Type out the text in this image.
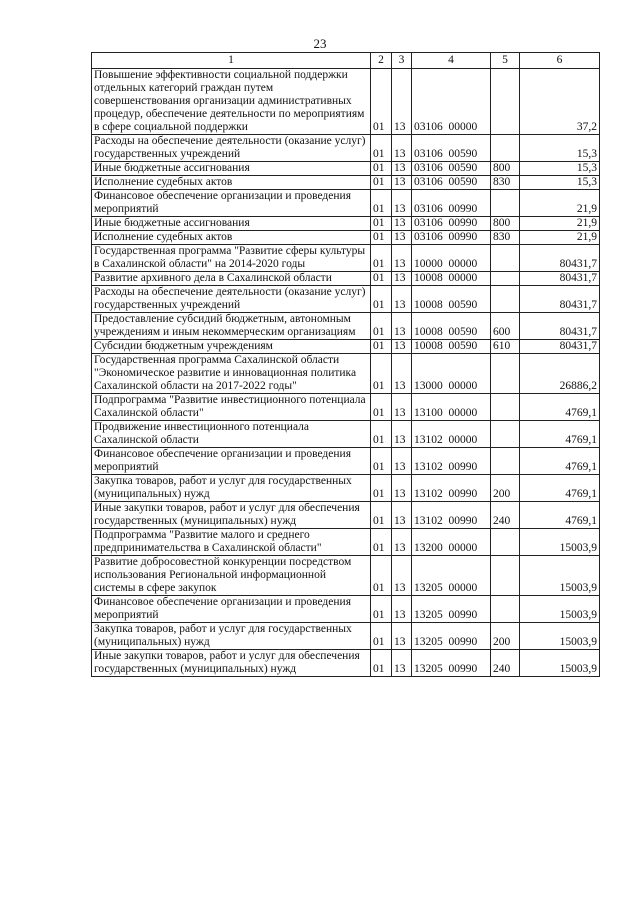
23
1	2	3	4	5	6
Повышение эффективности социальной поддержки отдельных категорий граждан путем совершенствования организации административных процедур, обеспечение деятельности по мероприятиям в сфере социальной поддержки	01	13	03106  00000		37,2
Расходы на обеспечение деятельности (оказание услуг) государственных учреждений	01	13	03106  00590		15,3
Иные бюджетные ассигнования	01	13	03106  00590	800	15,3
Исполнение судебных актов	01	13	03106  00590	830	15,3
Финансовое обеспечение организации и проведения мероприятий	01	13	03106  00990		21,9
Иные бюджетные ассигнования	01	13	03106  00990	800	21,9
Исполнение судебных актов	01	13	03106  00990	830	21,9
Государственная программа "Развитие сферы культуры в Сахалинской области" на 2014-2020 годы	01	13	10000  00000		80431,7
Развитие архивного дела в Сахалинской области	01	13	10008  00000		80431,7
Расходы на обеспечение деятельности (оказание услуг) государственных учреждений	01	13	10008  00590		80431,7
Предоставление субсидий бюджетным, автономным учреждениям и иным некоммерческим организациям	01	13	10008  00590	600	80431,7
Субсидии бюджетным учреждениям	01	13	10008  00590	610	80431,7
Государственная программа Сахалинской области "Экономическое развитие и инновационная политика Сахалинской области на 2017-2022 годы"	01	13	13000  00000		26886,2
Подпрограмма "Развитие инвестиционного потенциала Сахалинской области"	01	13	13100  00000		4769,1
Продвижение инвестиционного потенциала Сахалинской области	01	13	13102  00000		4769,1
Финансовое обеспечение организации и проведения мероприятий	01	13	13102  00990		4769,1
Закупка товаров, работ и услуг для государственных (муниципальных) нужд	01	13	13102  00990	200	4769,1
Иные закупки товаров, работ и услуг для обеспечения государственных (муниципальных) нужд	01	13	13102  00990	240	4769,1
Подпрограмма "Развитие малого и среднего предпринимательства в Сахалинской области"	01	13	13200  00000		15003,9
Развитие добросовестной конкуренции посредством использования Региональной информационной системы в сфере закупок	01	13	13205  00000		15003,9
Финансовое обеспечение организации и проведения мероприятий	01	13	13205  00990		15003,9
Закупка товаров, работ и услуг для государственных (муниципальных) нужд	01	13	13205  00990	200	15003,9
Иные закупки товаров, работ и услуг для обеспечения государственных (муниципальных) нужд	01	13	13205  00990	240	15003,9
